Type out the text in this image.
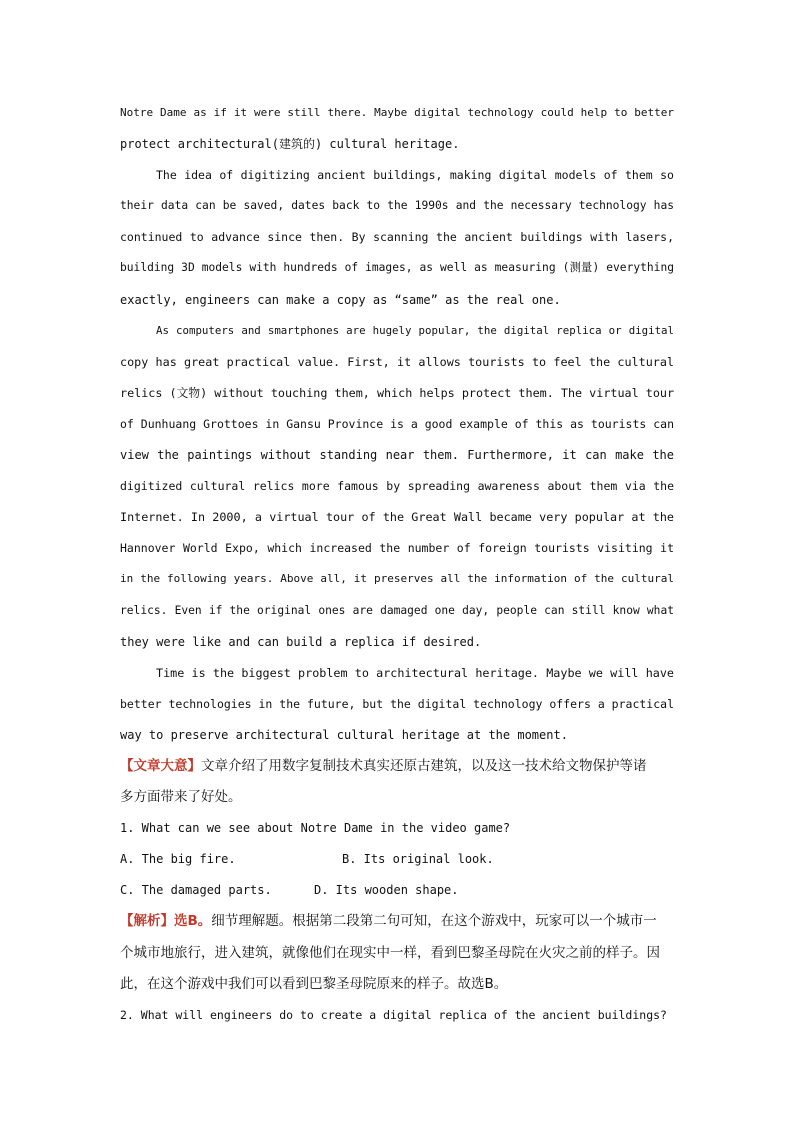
Notre Dame as if it were still there. Maybe digital technology could help to better
protect architectural(建筑的) cultural heritage.
The idea of digitizing ancient buildings, making digital models of them so
their data can be saved, dates back to the 1990s and the necessary technology has
continued to advance since then. By scanning the ancient buildings with lasers,
building 3D models with hundreds of images, as well as measuring (测量) everything
exactly, engineers can make a copy as “same” as the real one.
As computers and smartphones are hugely popular, the digital replica or digital
copy has great practical value. First, it allows tourists to feel the cultural
relics (文物) without touching them, which helps protect them. The virtual tour
of Dunhuang Grottoes in Gansu Province is a good example of this as tourists can
view the paintings without standing near them. Furthermore, it can make the
digitized cultural relics more famous by spreading awareness about them via the
Internet. In 2000, a virtual tour of the Great Wall became very popular at the
Hannover World Expo, which increased the number of foreign tourists visiting it
in the following years. Above all, it preserves all the information of the cultural
relics. Even if the original ones are damaged one day, people can still know what
they were like and can build a replica if desired.
Time is the biggest problem to architectural heritage. Maybe we will have
better technologies in the future, but the digital technology offers a practical
way to preserve architectural cultural heritage at the moment.
【文章大意】文章介绍了用数字复制技术真实还原古建筑，以及这一技术给文物保护等诸
多方面带来了好处。
1. What can we see about Notre Dame in the video game?
A. The big fire.	B. Its original look.
C. The damaged parts.	D. Its wooden shape.
【解析】选B。细节理解题。根据第二段第二句可知，在这个游戏中，玩家可以一个城市一
个城市地旅行，进入建筑，就像他们在现实中一样，看到巴黎圣母院在火灾之前的样子。因
此，在这个游戏中我们可以看到巴黎圣母院原来的样子。故选B。
2. What will engineers do to create a digital replica of the ancient buildings?
